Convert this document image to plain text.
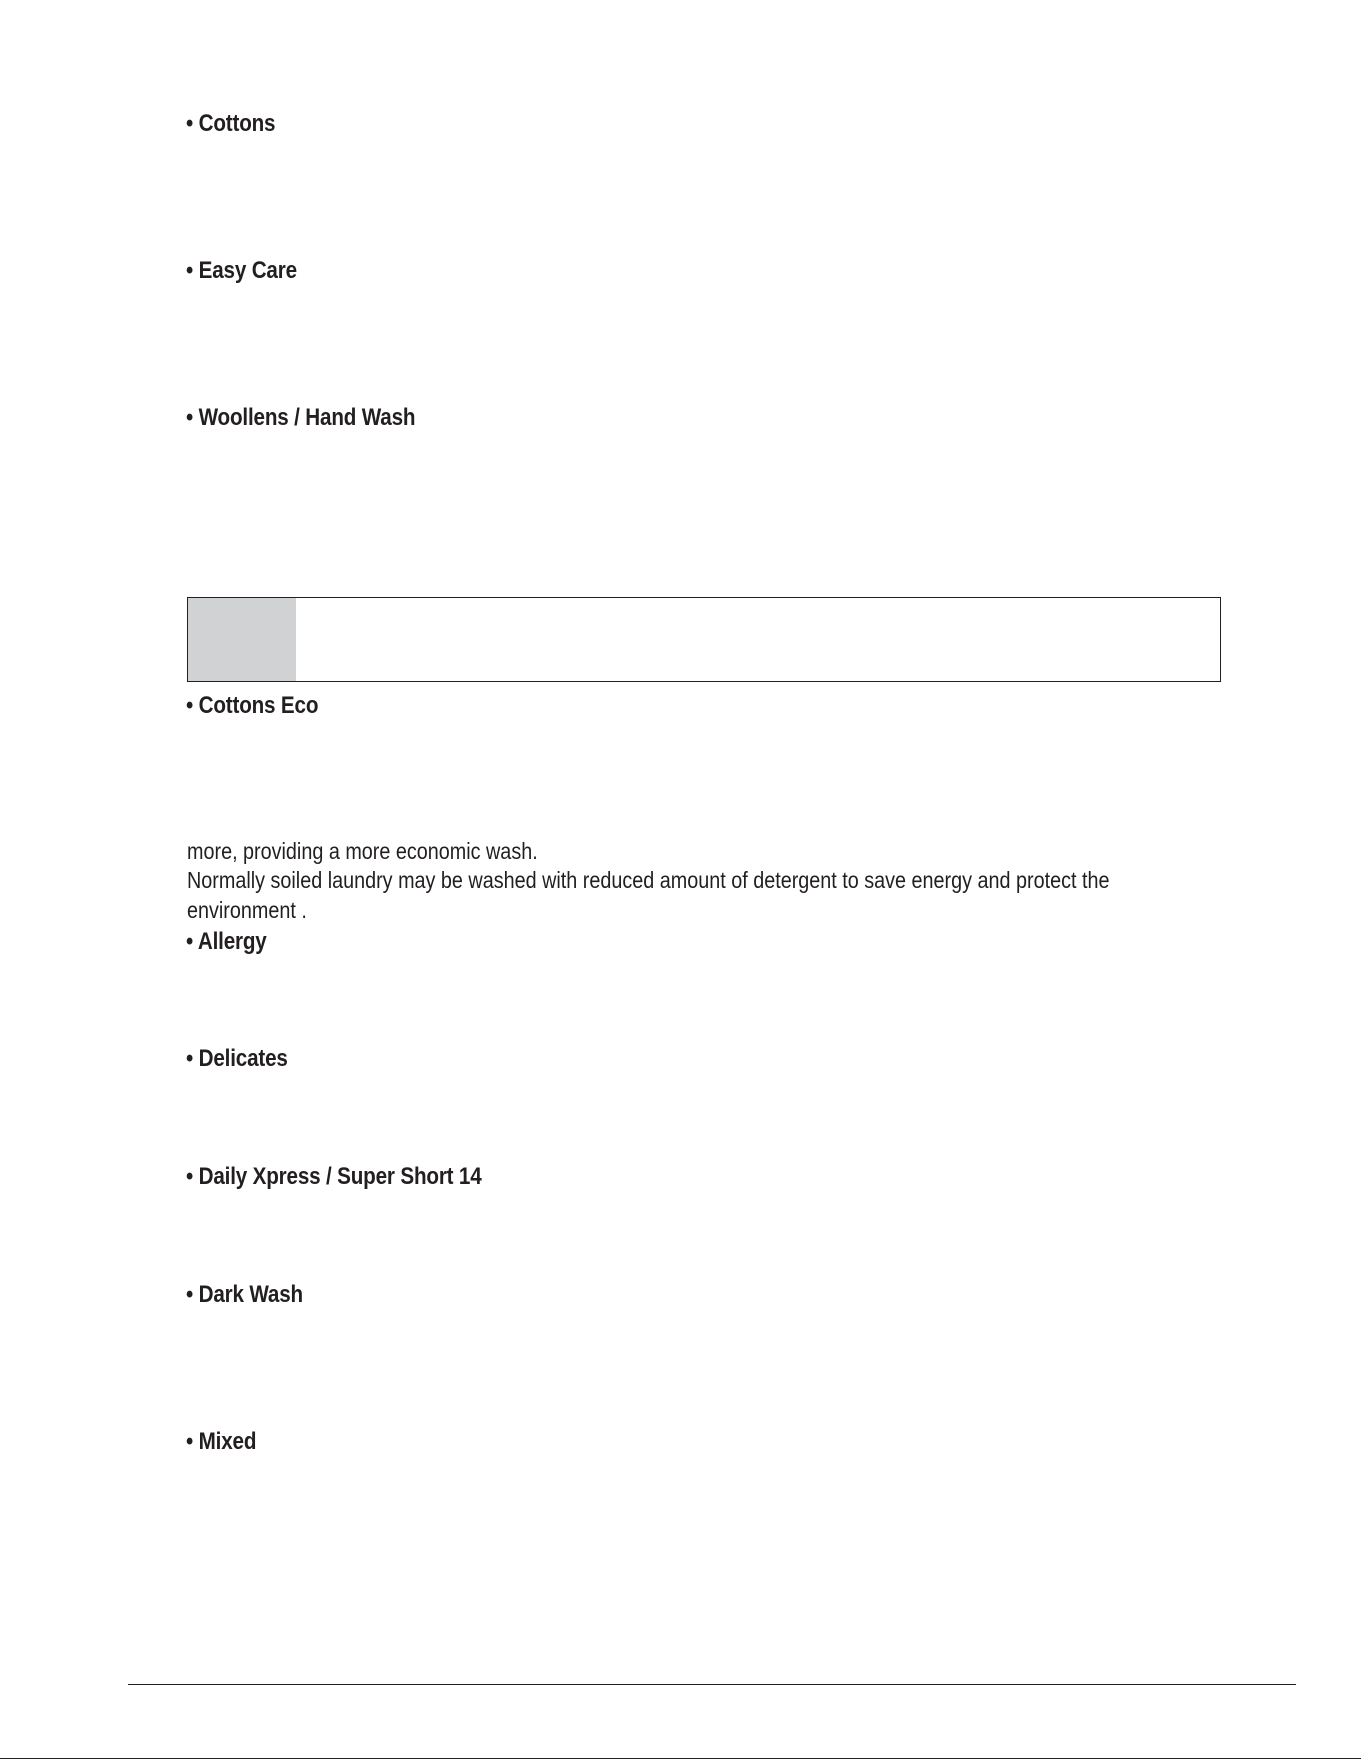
• Cottons
• Easy Care
• Woollens / Hand Wash
• Cottons Eco
more, providing a more economic wash.
Normally soiled laundry may be washed with reduced amount of detergent to save energy and protect the
environment .
• Allergy
• Delicates
• Daily Xpress / Super Short 14
• Dark Wash
• Mixed
